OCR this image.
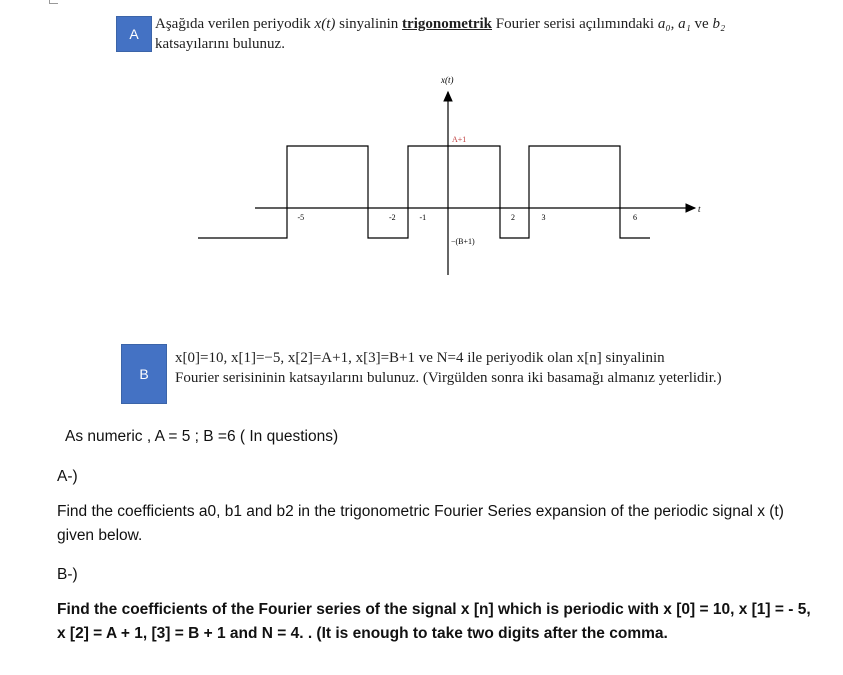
A
Aşağıda verilen periyodik x(t) sinyalinin trigonometrik Fourier serisi açılımındaki a₀, a₁ ve b₂
katsayılarını bulunuz.
x(t)
t
A+1
−(B+1)
-5	-2	-1	2	3	6
B
x[0]=10, x[1]=−5, x[2]=A+1, x[3]=B+1 ve N=4 ile periyodik olan x[n] sinyalinin
Fourier serisininin katsayılarını bulunuz. (Virgülden sonra iki basamağı almanız yeterlidir.)
As numeric , A = 5 ; B =6 ( In questions)
A-)
Find the coefficients a0, b1 and b2 in the trigonometric Fourier Series expansion of the periodic signal x (t) given below.
B-)
Find the coefficients of the Fourier series of the signal x [n] which is periodic with x [0] = 10, x [1] = - 5, x [2] = A + 1, [3] = B + 1 and N = 4. . (It is enough to take two digits after the comma.
